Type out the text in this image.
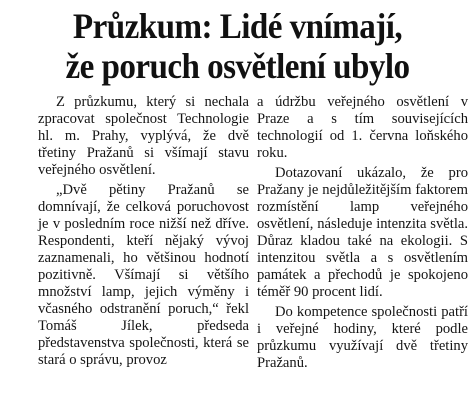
Průzkum: Lidé vnímají,
že poruch osvětlení ubylo

Z průzkumu, který si nechala zpracovat společnost Technologie hl. m. Prahy, vyplývá, že dvě třetiny Pražanů si všímají stavu veřejného osvětlení.

„Dvě pětiny Pražanů se domnívají, že celková poruchovost je v posledním roce nižší než dříve. Respondenti, kteří nějaký vývoj zaznamenali, ho většinou hodnotí pozitivně. Všímají si většího množství lamp, jejich výměny i včasného odstranění poruch,“ řekl Tomáš Jílek, předseda představenstva společnosti, která se stará o správu, provoz

a údržbu veřejného osvětlení v Praze a s tím souvisejících technologií od 1. června loňského roku.

Dotazovaní ukázalo, že pro Pražany je nejdůležitějším faktorem rozmístění lamp veřejného osvětlení, následuje intenzita světla. Důraz kladou také na ekologii. S intenzitou světla a s osvětlením památek a přechodů je spokojeno téměř 90 procent lidí.

Do kompetence společnosti patří i veřejné hodiny, které podle průzkumu využívají dvě třetiny Pražanů.
